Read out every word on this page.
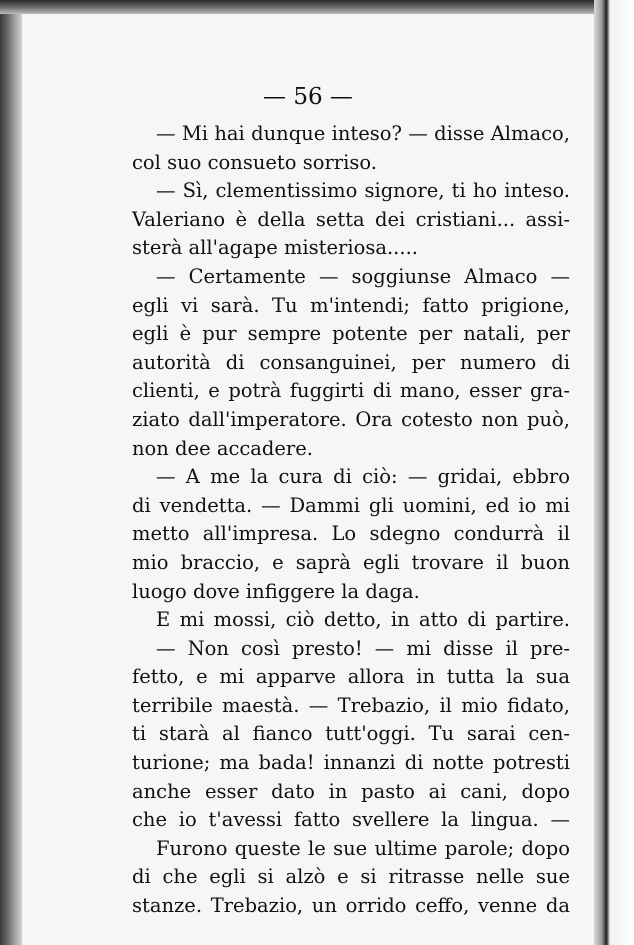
— 56 —
— Mi hai dunque inteso? — disse Almaco,
col suo consueto sorriso.
— Sì, clementissimo signore, ti ho inteso.
Valeriano è della setta dei cristiani... assi-
sterà all'agape misteriosa.....
— Certamente — soggiunse Almaco —
egli vi sarà. Tu m'intendi; fatto prigione,
egli è pur sempre potente per natali, per
autorità di consanguinei, per numero di
clienti, e potrà fuggirti di mano, esser gra-
ziato dall'imperatore. Ora cotesto non può,
non dee accadere.
— A me la cura di ciò: — gridai, ebbro
di vendetta. — Dammi gli uomini, ed io mi
metto all'impresa. Lo sdegno condurrà il
mio braccio, e saprà egli trovare il buon
luogo dove infiggere la daga.
E mi mossi, ciò detto, in atto di partire.
— Non così presto! — mi disse il pre-
fetto, e mi apparve allora in tutta la sua
terribile maestà. — Trebazio, il mio fidato,
ti starà al fianco tutt'oggi. Tu sarai cen-
turione; ma bada! innanzi di notte potresti
anche esser dato in pasto ai cani, dopo
che io t'avessi fatto svellere la lingua. —
Furono queste le sue ultime parole; dopo
di che egli si alzò e si ritrasse nelle sue
stanze. Trebazio, un orrido ceffo, venne da
